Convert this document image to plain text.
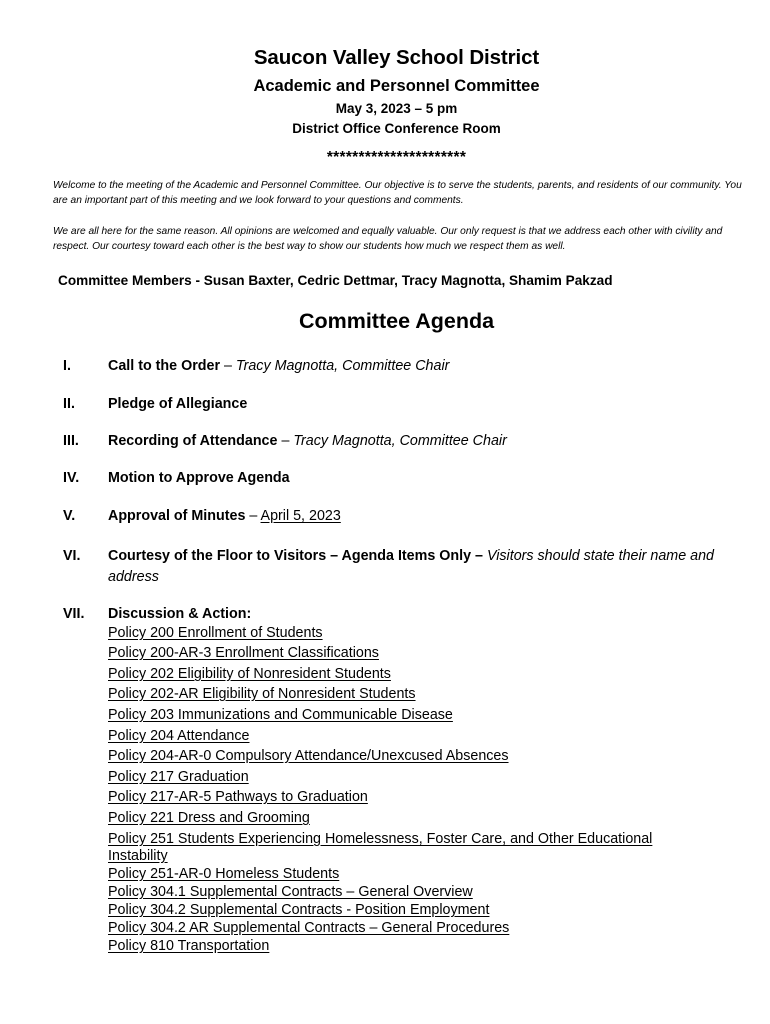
Saucon Valley School District
Academic and Personnel Committee
May 3, 2023 – 5 pm
District Office Conference Room
**********************
Welcome to the meeting of the Academic and Personnel Committee. Our objective is to serve the students, parents, and residents of our community. You are an important part of this meeting and we look forward to your questions and comments.
We are all here for the same reason. All opinions are welcomed and equally valuable. Our only request is that we address each other with civility and respect. Our courtesy toward each other is the best way to show our students how much we respect them as well.
Committee Members - Susan Baxter, Cedric Dettmar, Tracy Magnotta, Shamim Pakzad
Committee Agenda
I.	Call to the Order – Tracy Magnotta, Committee Chair
II. Pledge of Allegiance
III. Recording of Attendance – Tracy Magnotta, Committee Chair
IV. Motion to Approve Agenda
V. Approval of Minutes – April 5, 2023
VI. Courtesy of the Floor to Visitors – Agenda Items Only – Visitors should state their name and address
VII. Discussion & Action:
Policy 200 Enrollment of Students
Policy 200-AR-3 Enrollment Classifications
Policy 202 Eligibility of Nonresident Students
Policy 202-AR Eligibility of Nonresident Students
Policy 203 Immunizations and Communicable Disease
Policy 204 Attendance
Policy 204-AR-0 Compulsory Attendance/Unexcused Absences
Policy 217 Graduation
Policy 217-AR-5 Pathways to Graduation
Policy 221 Dress and Grooming
Policy 251 Students Experiencing Homelessness, Foster Care, and Other Educational Instability
Policy 251-AR-0 Homeless Students
Policy 304.1 Supplemental Contracts – General Overview
Policy 304.2 Supplemental Contracts - Position Employment
Policy 304.2 AR Supplemental Contracts – General Procedures
Policy 810 Transportation
